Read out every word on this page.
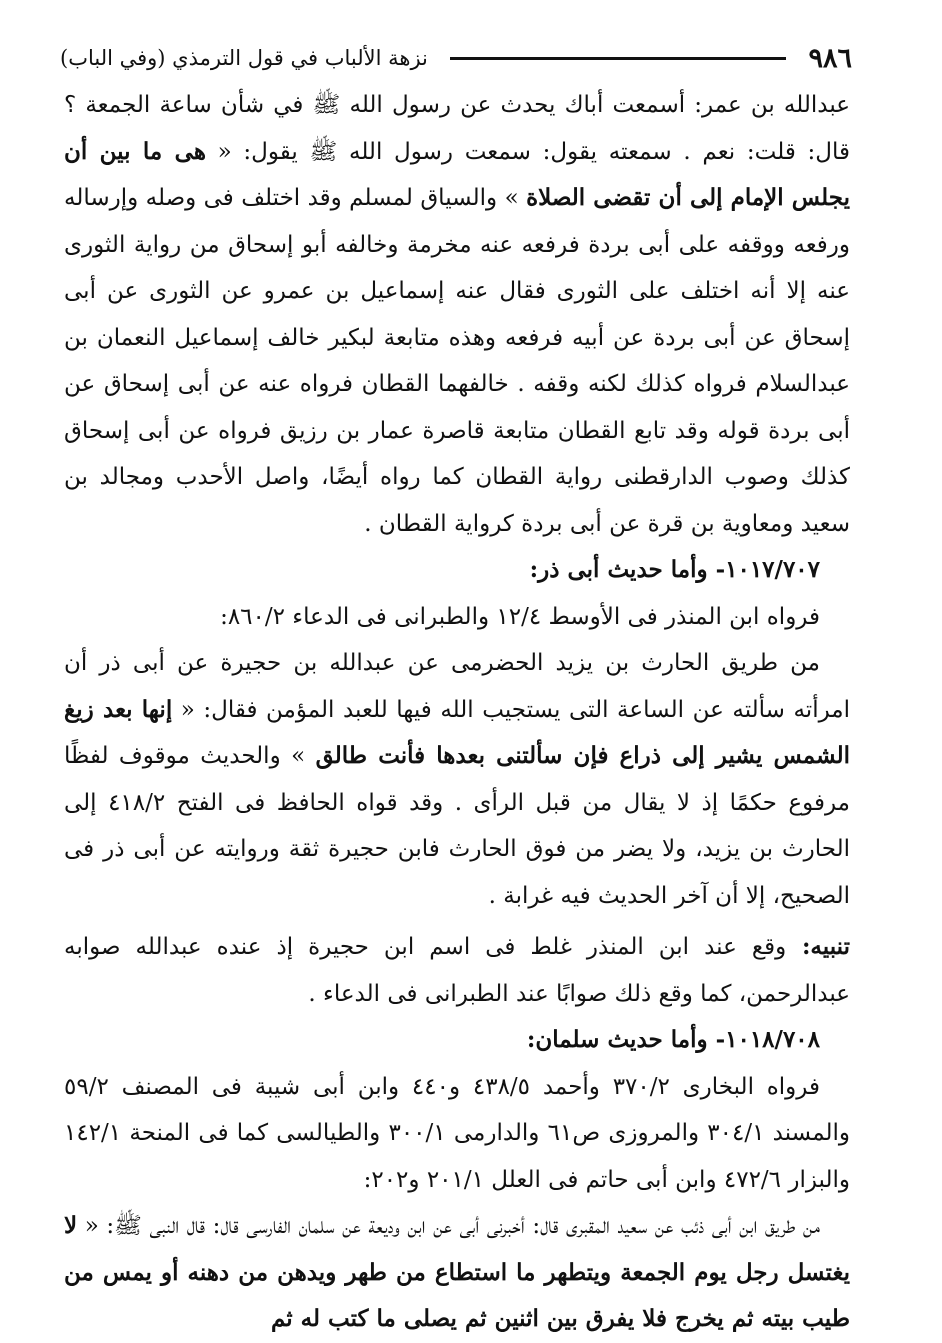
٩٨٦
نزهة الألباب في قول الترمذي (وفي الباب)

عبدالله بن عمر: أسمعت أباك يحدث عن رسول الله ﷺ في شأن ساعة الجمعة ؟ قال: قلت: نعم . سمعته يقول: سمعت رسول الله ﷺ يقول: « هى ما بين أن يجلس الإمام إلى أن تقضى الصلاة » والسياق لمسلم وقد اختلف فى وصله وإرساله ورفعه ووقفه على أبى بردة فرفعه عنه مخرمة وخالفه أبو إسحاق من رواية الثورى عنه إلا أنه اختلف على الثورى فقال عنه إسماعيل بن عمرو عن الثورى عن أبى إسحاق عن أبى بردة عن أبيه فرفعه وهذه متابعة لبكير خالف إسماعيل النعمان بن عبدالسلام فرواه كذلك لكنه وقفه . خالفهما القطان فرواه عنه عن أبى إسحاق عن أبى بردة قوله وقد تابع القطان متابعة قاصرة عمار بن رزيق فرواه عن أبى إسحاق كذلك وصوب الدارقطنى رواية القطان كما رواه أيضًا، واصل الأحدب ومجالد بن سعيد ومعاوية بن قرة عن أبى بردة كرواية القطان .

١٠١٧/٧٠٧- وأما حديث أبى ذر:

فرواه ابن المنذر فى الأوسط ١٢/٤ والطبرانى فى الدعاء ٨٦٠/٢:

من طريق الحارث بن يزيد الحضرمى عن عبدالله بن حجيرة عن أبى ذر أن امرأته سألته عن الساعة التى يستجيب الله فيها للعبد المؤمن فقال: « إنها بعد زيغ الشمس يشير إلى ذراع فإن سألتنى بعدها فأنت طالق » والحديث موقوف لفظًا مرفوع حكمًا إذ لا يقال من قبل الرأى . وقد قواه الحافظ فى الفتح ٤١٨/٢ إلى الحارث بن يزيد، ولا يضر من فوق الحارث فابن حجيرة ثقة وروايته عن أبى ذر فى الصحيح، إلا أن آخر الحديث فيه غرابة .

تنبيه: وقع عند ابن المنذر غلط فى اسم ابن حجيرة إذ عنده عبدالله صوابه عبدالرحمن، كما وقع ذلك صوابًا عند الطبرانى فى الدعاء .

١٠١٨/٧٠٨- وأما حديث سلمان:

فرواه البخارى ٣٧٠/٢ وأحمد ٤٣٨/٥ و٤٤٠ وابن أبى شيبة فى المصنف ٥٩/٢ والمسند ٣٠٤/١ والمروزى ص٦١ والدارمى ٣٠٠/١ والطيالسى كما فى المنحة ١٤٢/١ والبزار ٤٧٢/٦ وابن أبى حاتم فى العلل ٢٠١/١ و٢٠٢:

من طريق ابن أبى ذئب عن سعيد المقبرى قال: أخبرنى أبى عن ابن وديعة عن سلمان الفارسى قال: قال النبى ﷺ: « لا يغتسل رجل يوم الجمعة ويتطهر ما استطاع من طهر ويدهن من دهنه أو يمس من طيب بيته ثم يخرج فلا يفرق بين اثنين ثم يصلى ما كتب له ثم
